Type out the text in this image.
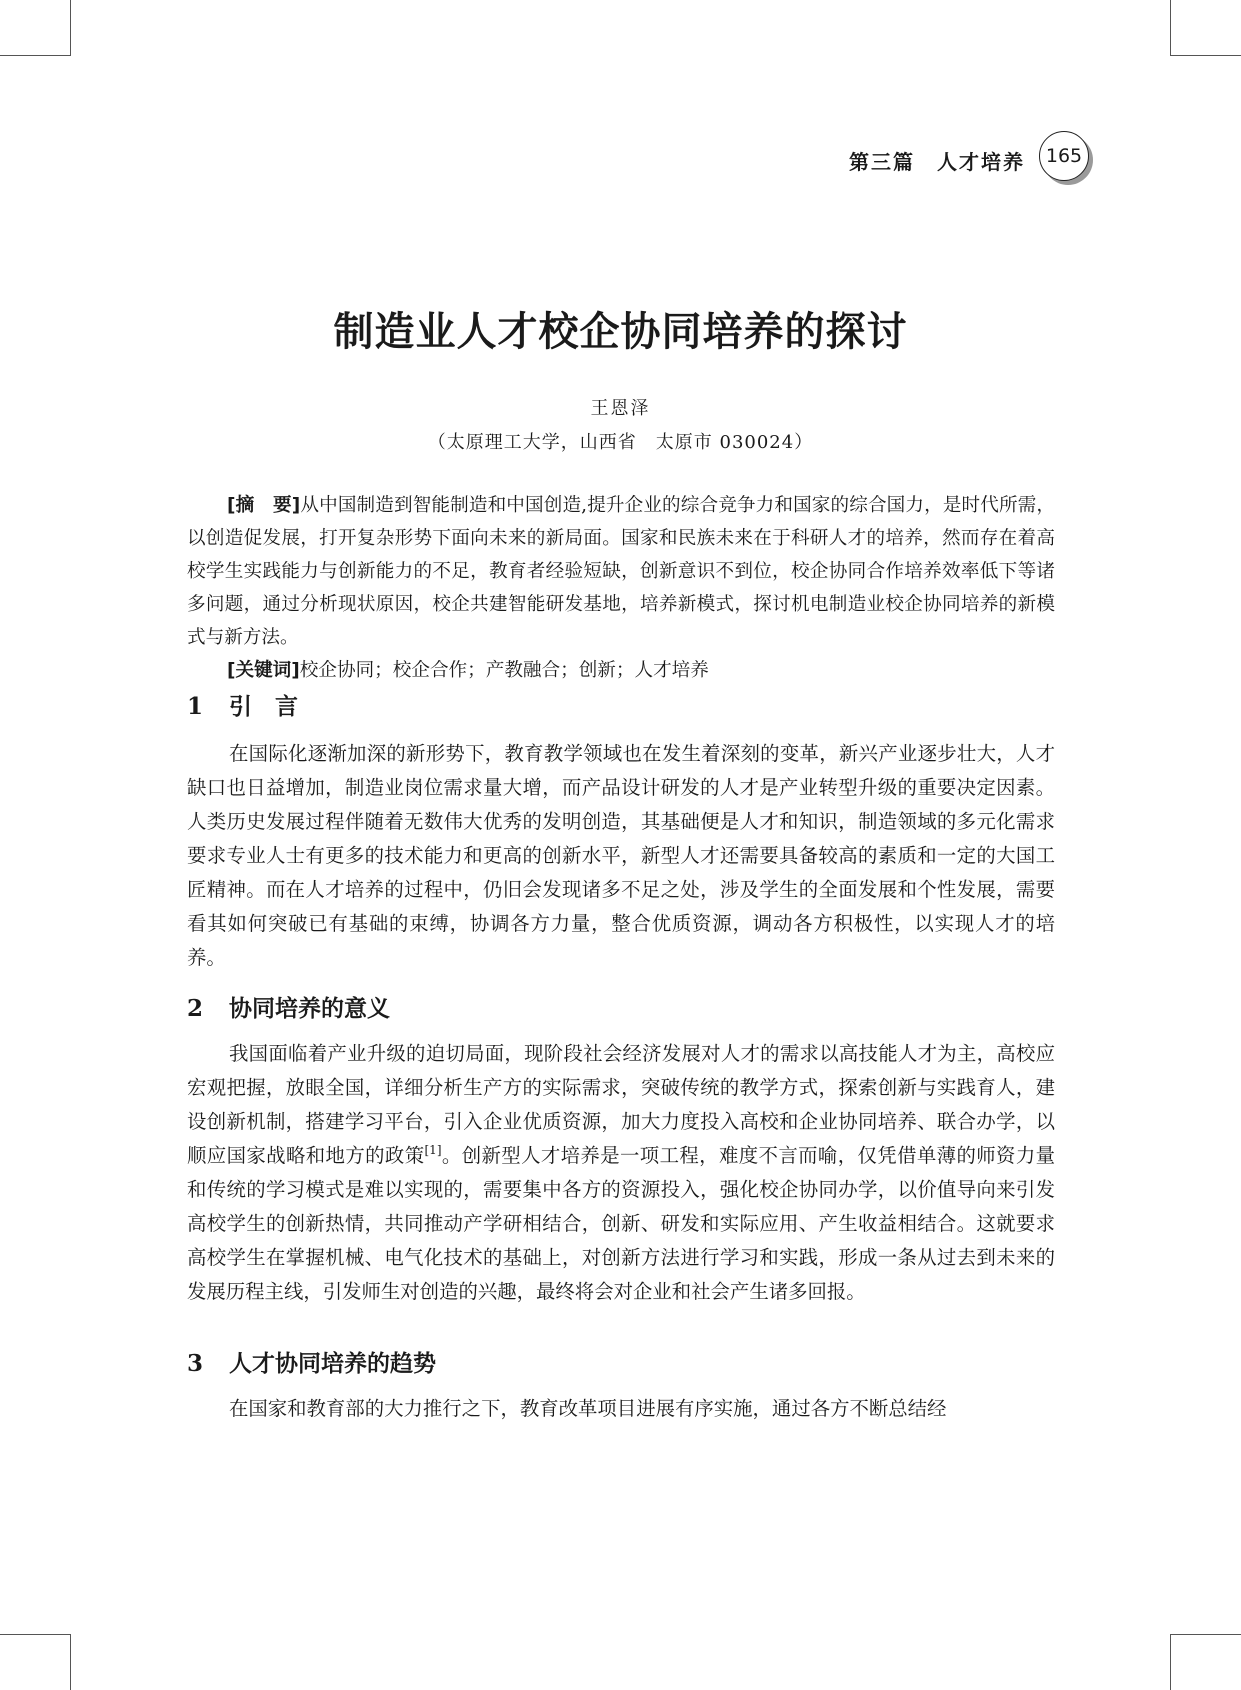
第三篇　人才培养	165
制造业人才校企协同培养的探讨
王恩泽
（太原理工大学，山西省　太原市 030024）

[摘　要]从中国制造到智能制造和中国创造,提升企业的综合竞争力和国家的综合国力，是时代所需，以创造促发展，打开复杂形势下面向未来的新局面。国家和民族未来在于科研人才的培养，然而存在着高校学生实践能力与创新能力的不足，教育者经验短缺，创新意识不到位，校企协同合作培养效率低下等诸多问题，通过分析现状原因，校企共建智能研发基地，培养新模式，探讨机电制造业校企协同培养的新模式与新方法。

[关键词]校企协同；校企合作；产教融合；创新；人才培养

1 引　言

在国际化逐渐加深的新形势下，教育教学领域也在发生着深刻的变革，新兴产业逐步壮大，人才缺口也日益增加，制造业岗位需求量大增，而产品设计研发的人才是产业转型升级的重要决定因素。人类历史发展过程伴随着无数伟大优秀的发明创造，其基础便是人才和知识，制造领域的多元化需求要求专业人士有更多的技术能力和更高的创新水平，新型人才还需要具备较高的素质和一定的大国工匠精神。而在人才培养的过程中，仍旧会发现诸多不足之处，涉及学生的全面发展和个性发展，需要看其如何突破已有基础的束缚，协调各方力量，整合优质资源，调动各方积极性，以实现人才的培养。

2 协同培养的意义

我国面临着产业升级的迫切局面，现阶段社会经济发展对人才的需求以高技能人才为主，高校应宏观把握，放眼全国，详细分析生产方的实际需求，突破传统的教学方式，探索创新与实践育人，建设创新机制，搭建学习平台，引入企业优质资源，加大力度投入高校和企业协同培养、联合办学，以顺应国家战略和地方的政策[1]。创新型人才培养是一项工程，难度不言而喻，仅凭借单薄的师资力量和传统的学习模式是难以实现的，需要集中各方的资源投入，强化校企协同办学，以价值导向来引发高校学生的创新热情，共同推动产学研相结合，创新、研发和实际应用、产生收益相结合。这就要求高校学生在掌握机械、电气化技术的基础上，对创新方法进行学习和实践，形成一条从过去到未来的发展历程主线，引发师生对创造的兴趣，最终将会对企业和社会产生诸多回报。

3 人才协同培养的趋势

在国家和教育部的大力推行之下，教育改革项目进展有序实施，通过各方不断总结经
